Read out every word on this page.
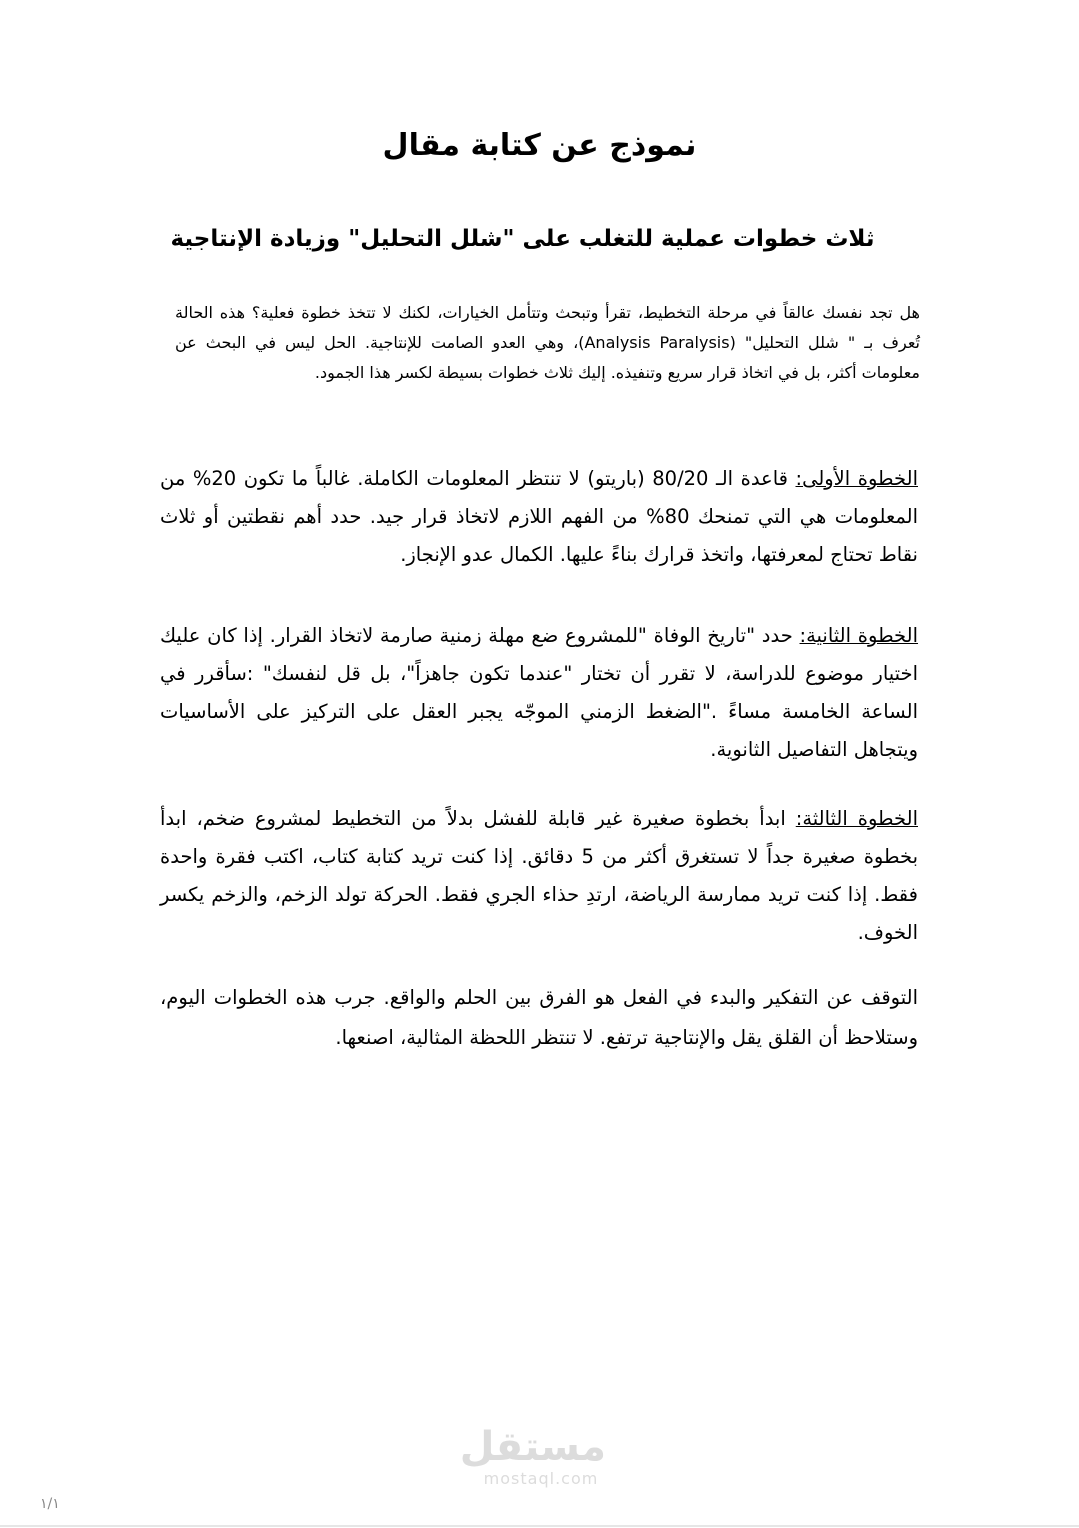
نموذج عن كتابة مقال
ثلاث خطوات عملية للتغلب على "شلل التحليل" وزيادة الإنتاجية

هل تجد نفسك عالقاً في مرحلة التخطيط، تقرأ وتبحث وتتأمل الخيارات، لكنك لا تتخذ خطوة فعلية؟ هذه الحالة تُعرف بـ " شلل التحليل" (Analysis Paralysis)، وهي العدو الصامت للإنتاجية. الحل ليس في البحث عن معلومات أكثر، بل في اتخاذ قرار سريع وتنفيذه. إليك ثلاث خطوات بسيطة لكسر هذا الجمود.

الخطوة الأولى: قاعدة الـ 80/20 (باريتو) لا تنتظر المعلومات الكاملة. غالباً ما تكون 20% من المعلومات هي التي تمنحك 80% من الفهم اللازم لاتخاذ قرار جيد. حدد أهم نقطتين أو ثلاث نقاط تحتاج لمعرفتها، واتخذ قرارك بناءً عليها. الكمال عدو الإنجاز.

الخطوة الثانية: حدد "تاريخ الوفاة "للمشروع ضع مهلة زمنية صارمة لاتخاذ القرار. إذا كان عليك اختيار موضوع للدراسة، لا تقرر أن تختار "عندما تكون جاهزاً"، بل قل لنفسك" :سأقرر في الساعة الخامسة مساءً ."الضغط الزمني الموجّه يجبر العقل على التركيز على الأساسيات ويتجاهل التفاصيل الثانوية.

الخطوة الثالثة: ابدأ بخطوة صغيرة غير قابلة للفشل بدلاً من التخطيط لمشروع ضخم، ابدأ بخطوة صغيرة جداً لا تستغرق أكثر من 5 دقائق. إذا كنت تريد كتابة كتاب، اكتب فقرة واحدة فقط. إذا كنت تريد ممارسة الرياضة، ارتدِ حذاء الجري فقط. الحركة تولد الزخم، والزخم يكسر الخوف.

التوقف عن التفكير والبدء في الفعل هو الفرق بين الحلم والواقع. جرب هذه الخطوات اليوم، وستلاحظ أن القلق يقل والإنتاجية ترتفع. لا تنتظر اللحظة المثالية، اصنعها.

مستقل
mostaql.com
١/١
